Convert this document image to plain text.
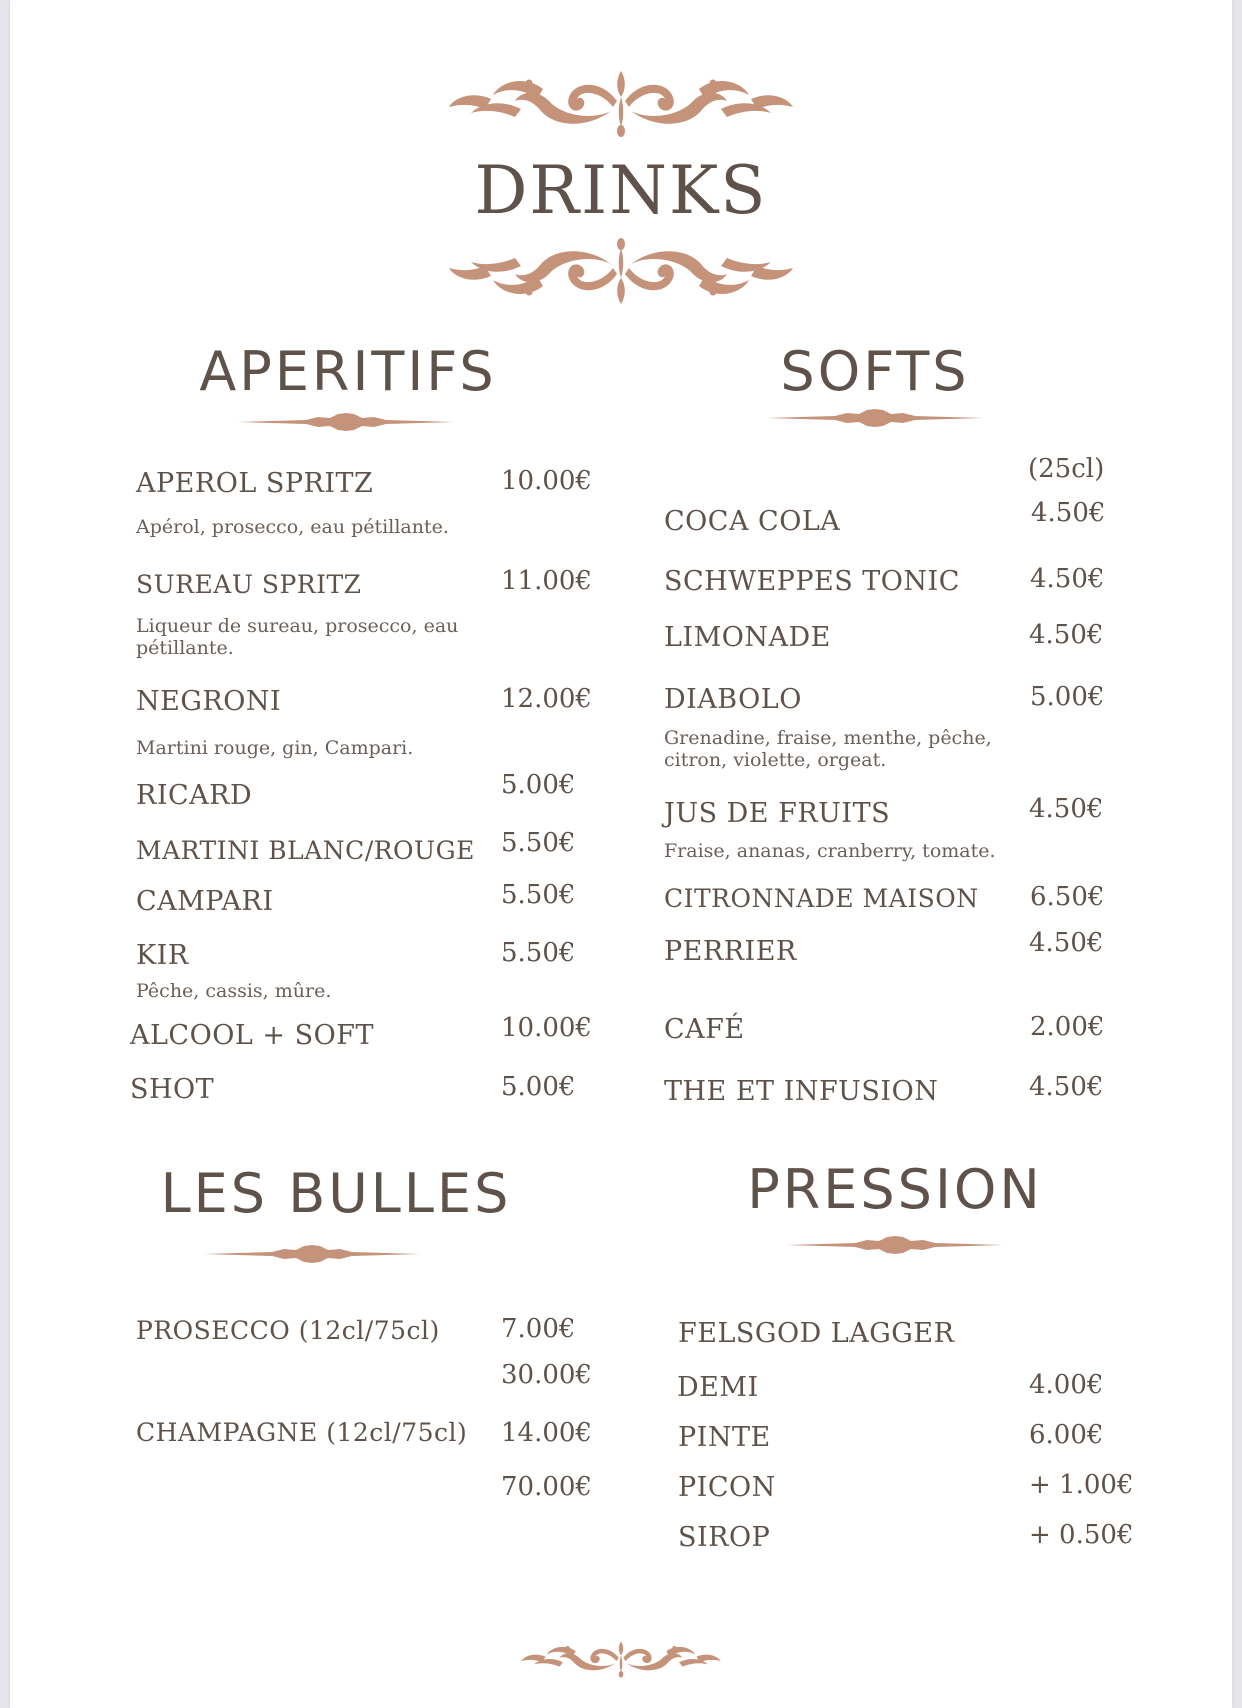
DRINKS
APERITIFS	SOFTS
APEROL SPRITZ	10.00€
Apérol, prosecco, eau pétillante.
SUREAU SPRITZ	11.00€
Liqueur de sureau, prosecco, eau pétillante.
NEGRONI	12.00€
Martini rouge, gin, Campari.
RICARD	5.00€
MARTINI BLANC/ROUGE 5.50€
CAMPARI	5.50€
KIR	5.50€
Pêche, cassis, mûre.
ALCOOL + SOFT	10.00€
SHOT	5.00€
(25cl)
COCA COLA	4.50€
SCHWEPPES TONIC	4.50€
LIMONADE	4.50€
DIABOLO	5.00€
Grenadine, fraise, menthe, pêche, citron, violette, orgeat.
JUS DE FRUITS	4.50€
Fraise, ananas, cranberry, tomate.
CITRONNADE MAISON 6.50€
PERRIER	4.50€
CAFÉ	2.00€
THE ET INFUSION	4.50€
LES BULLES
PROSECCO (12cl/75cl) 7.00€
30.00€
CHAMPAGNE (12cl/75cl) 14.00€
70.00€
PRESSION
FELSGOD LAGGER
DEMI	4.00€
PINTE	6.00€
PICON	+ 1.00€
SIROP	+ 0.50€
